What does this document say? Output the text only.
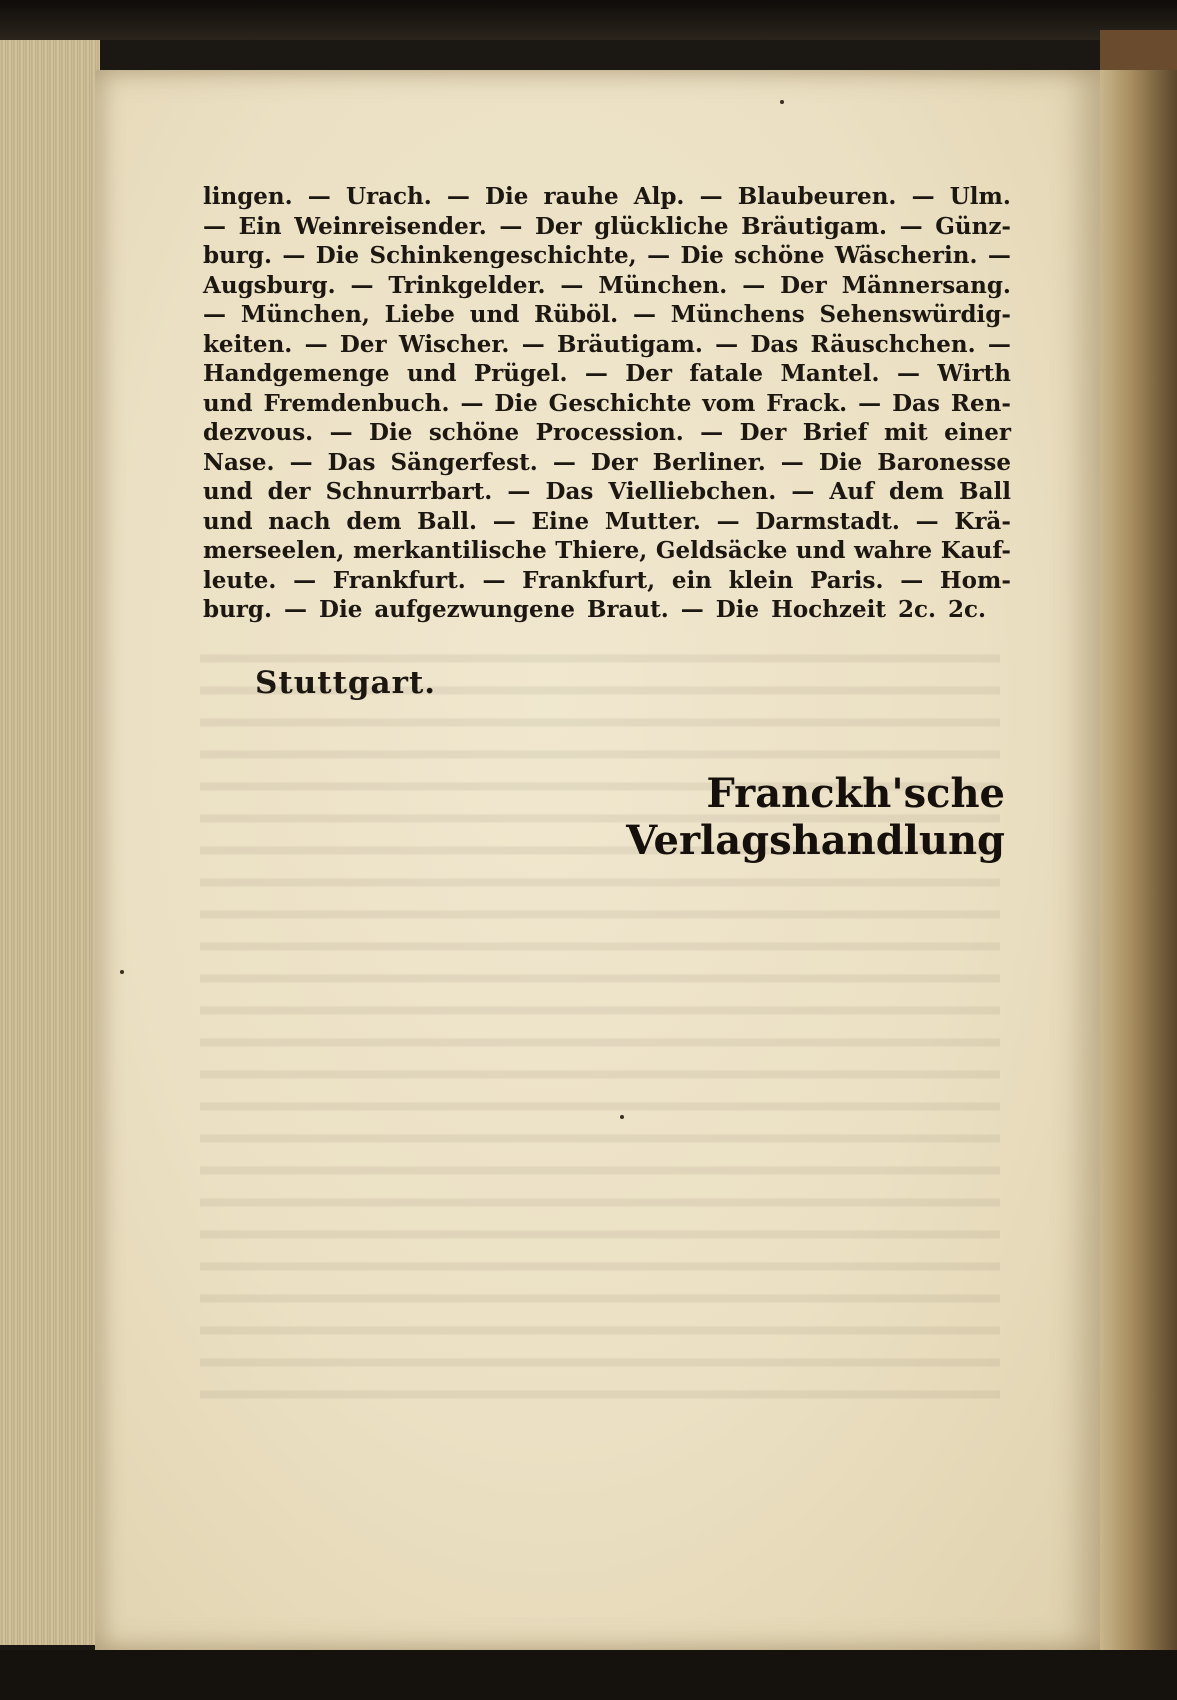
lingen. — Urach. — Die rauhe Alp. — Blaubeuren. — Ulm.
— Ein Weinreisender. — Der glückliche Bräutigam. — Günz-
burg. — Die Schinkengeschichte, — Die schöne Wäscherin. —
Augsburg. — Trinkgelder. — München. — Der Männersang.
— München, Liebe und Rüböl. — Münchens Sehenswürdig-
keiten. — Der Wischer. — Bräutigam. — Das Räuschchen. —
Handgemenge und Prügel. — Der fatale Mantel. — Wirth
und Fremdenbuch. — Die Geschichte vom Frack. — Das Ren-
dezvous. — Die schöne Procession. — Der Brief mit einer
Nase. — Das Sängerfest. — Der Berliner. — Die Baronesse
und der Schnurrbart. — Das Vielliebchen. — Auf dem Ball
und nach dem Ball. — Eine Mutter. — Darmstadt. — Krä-
merseelen, merkantilische Thiere, Geldsäcke und wahre Kauf-
leute. — Frankfurt. — Frankfurt, ein klein Paris. — Hom-
burg. — Die aufgezwungene Braut. — Die Hochzeit 2c. 2c.
Stuttgart.
Franckh'sche Verlagshandlung
